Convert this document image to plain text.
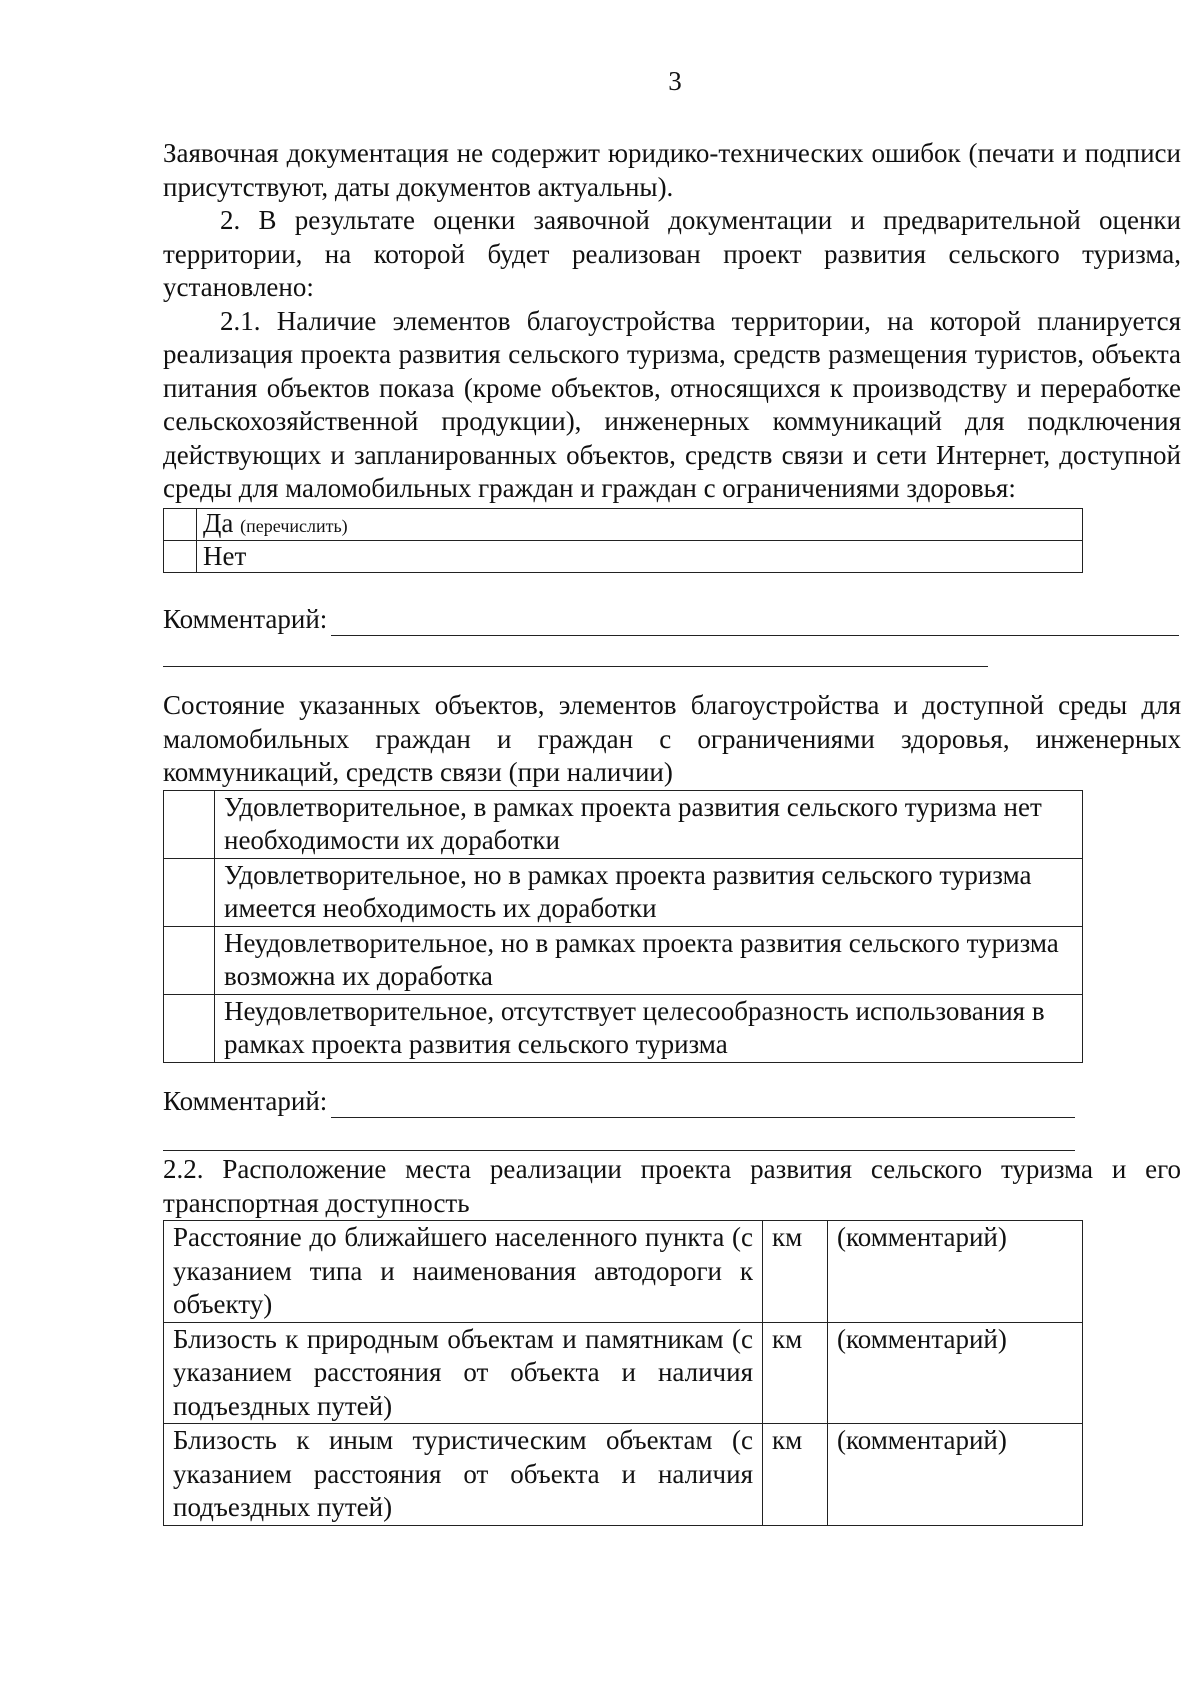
3

Заявочная документация не содержит юридико-технических ошибок (печати и подписи присутствуют, даты документов актуальны).

2. В результате оценки заявочной документации и предварительной оценки территории, на которой будет реализован проект развития сельского туризма, установлено:

2.1. Наличие элементов благоустройства территории, на которой планируется реализация проекта развития сельского туризма, средств размещения туристов, объекта питания объектов показа (кроме объектов, относящихся к производству и переработке сельскохозяйственной продукции), инженерных коммуникаций для подключения действующих и запланированных объектов, средств связи и сети Интернет, доступной среды для маломобильных граждан и граждан с ограничениями здоровья:

	Да (перечислить)
	Нет
Комментарий:

Состояние указанных объектов, элементов благоустройства и доступной среды для маломобильных граждан и граждан с ограничениями здоровья, инженерных коммуникаций, средств связи (при наличии)

	Удовлетворительное, в рамках проекта развития сельского туризма нет необходимости их доработки
	Удовлетворительное, но в рамках проекта развития сельского туризма имеется необходимость их доработки
	Неудовлетворительное, но в рамках проекта развития сельского туризма возможна их доработка
	Неудовлетворительное, отсутствует целесообразность использования в рамках проекта развития сельского туризма
Комментарий:

2.2. Расположение места реализации проекта развития сельского туризма и его транспортная доступность

Расстояние до ближайшего населенного пункта (с указанием типа и наименования автодороги к объекту)	км	(комментарий)
Близость к природным объектам и памятникам (с указанием расстояния от объекта и наличия подъездных путей)	км	(комментарий)
Близость к иным туристическим объектам (с указанием расстояния от объекта и наличия подъездных путей)	км	(комментарий)
